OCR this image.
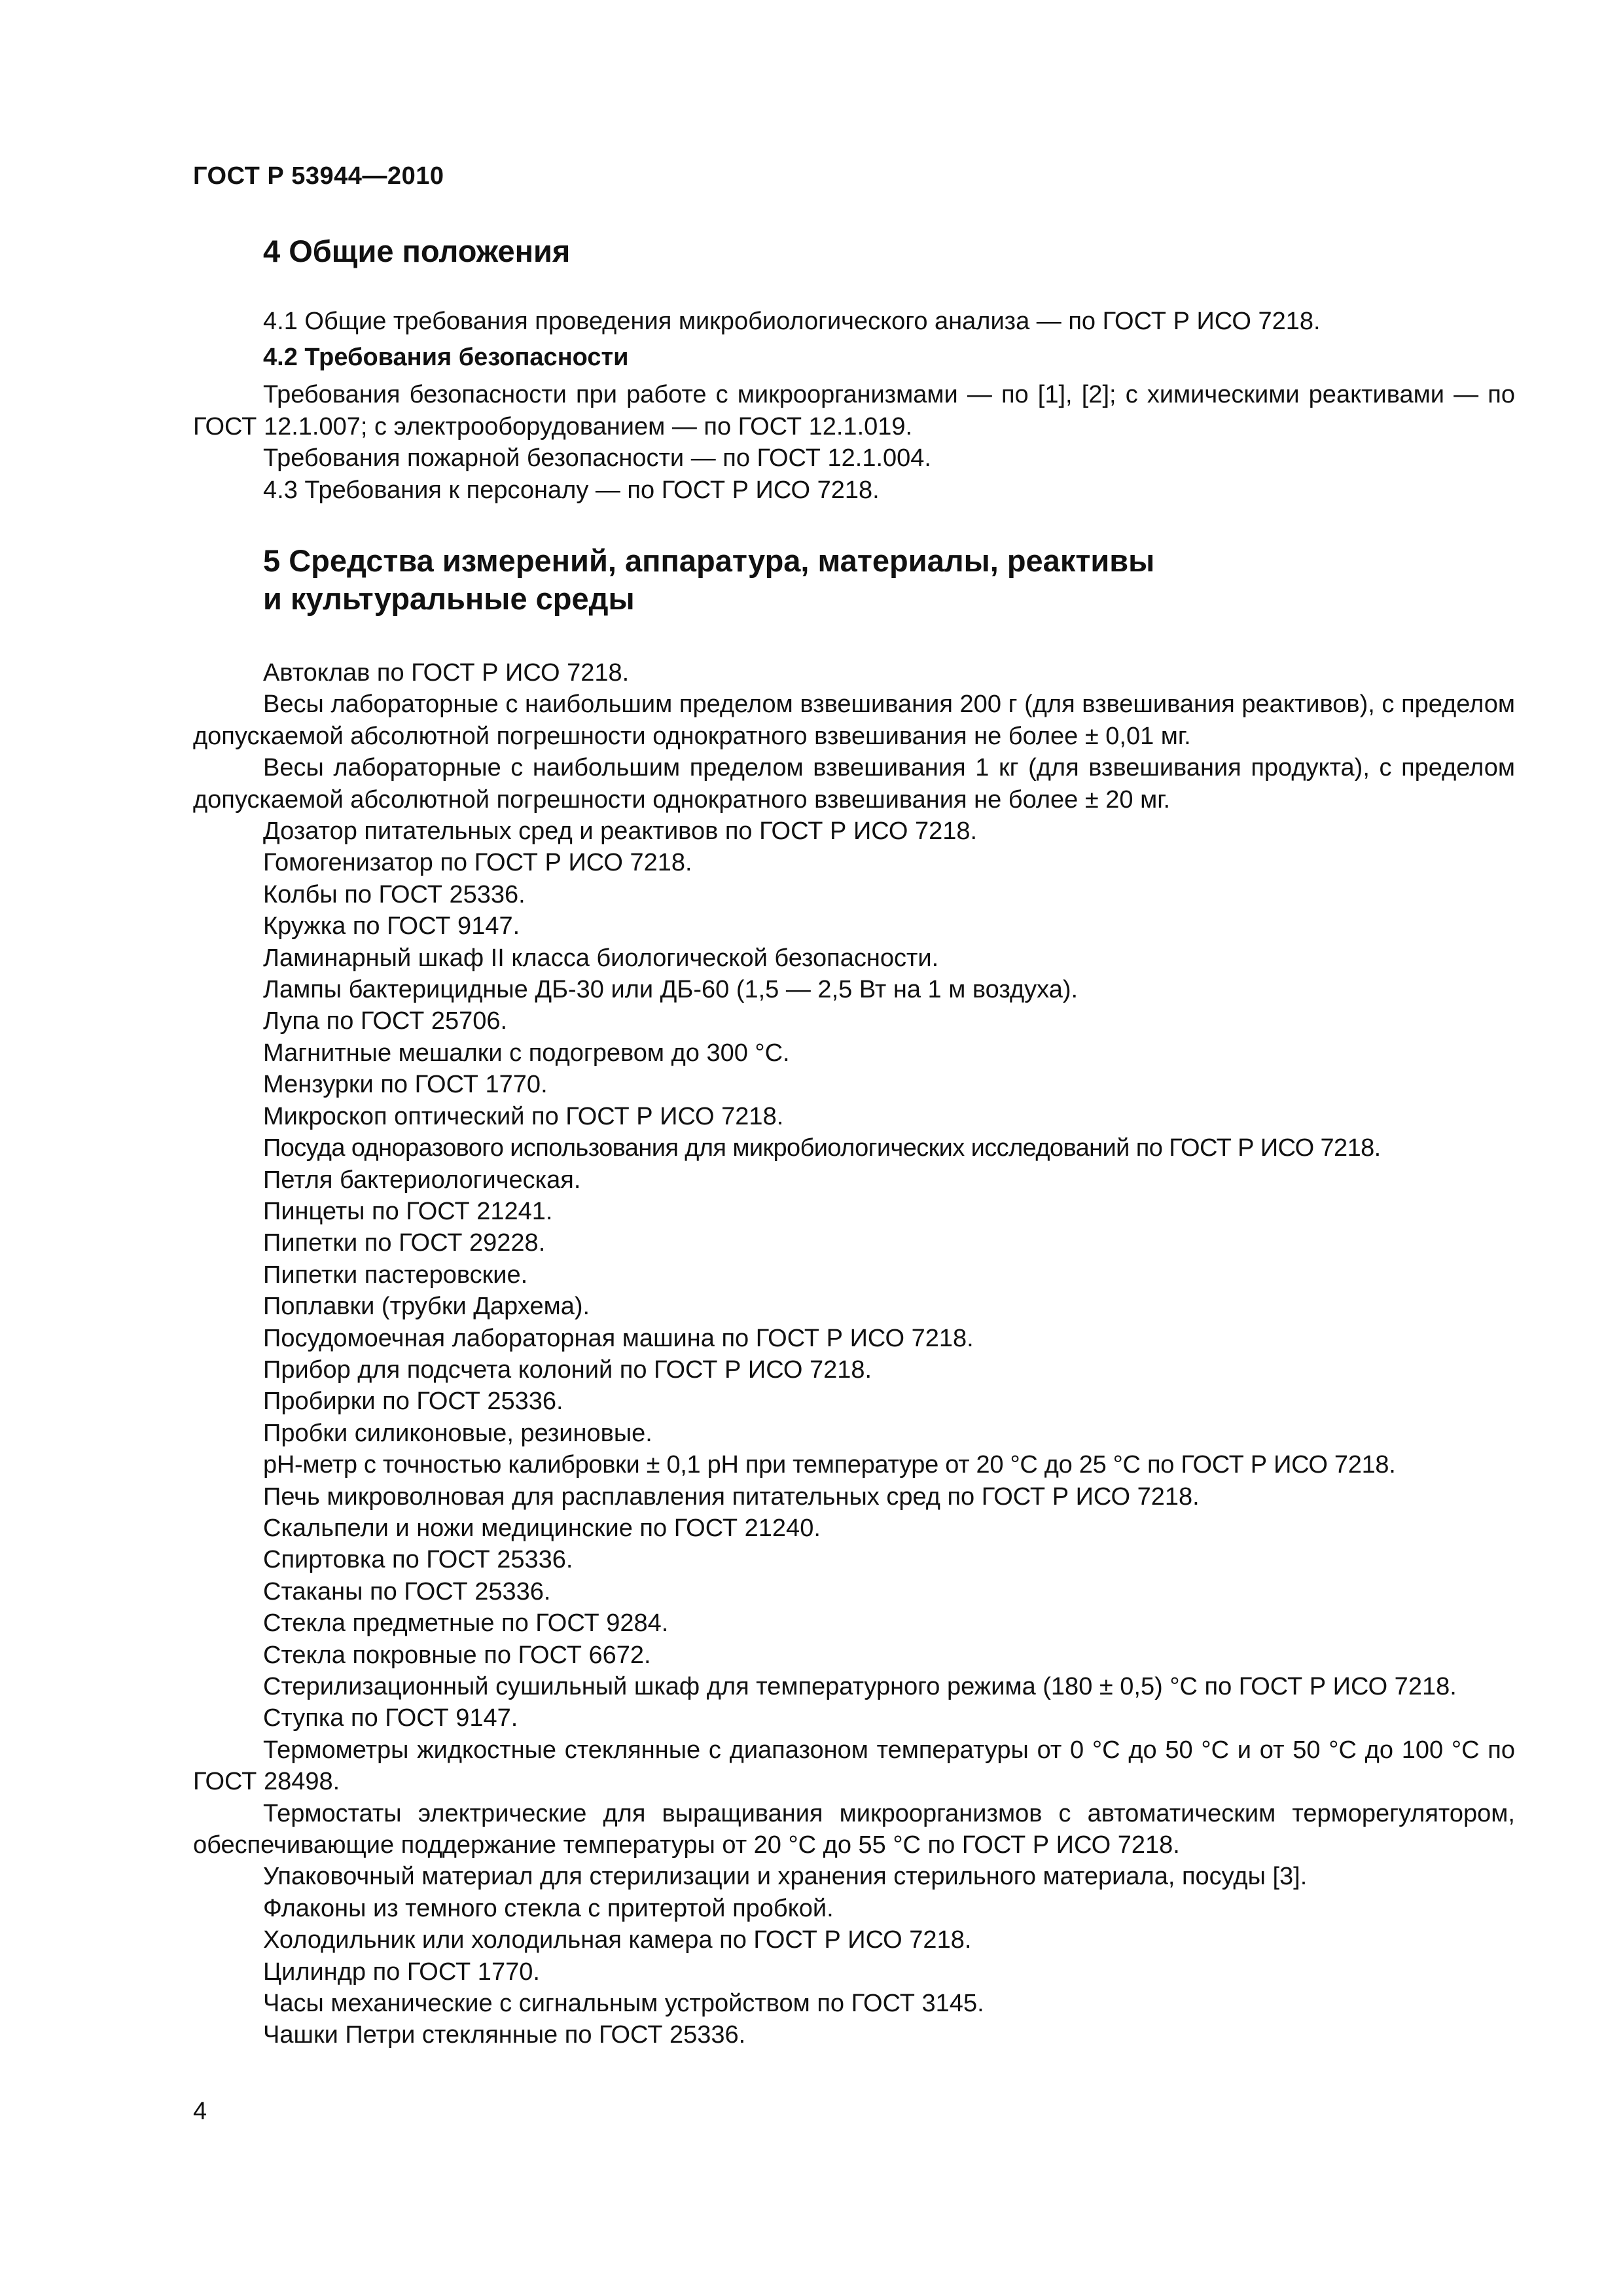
ГОСТ Р 53944—2010
4 Общие положения

4.1 Общие требования проведения микробиологического анализа — по ГОСТ Р ИСО 7218.

4.2 Требования безопасности

Требования безопасности при работе с микроорганизмами — по [1], [2]; с химическими реактивами — по ГОСТ 12.1.007; с электрооборудованием — по ГОСТ 12.1.019.

Требования пожарной безопасности — по ГОСТ 12.1.004.

4.3 Требования к персоналу — по ГОСТ Р ИСО 7218.

5 Средства измерений, аппаратура, материалы, реактивы
и культуральные среды

Автоклав по ГОСТ Р ИСО 7218.

Весы лабораторные с наибольшим пределом взвешивания 200 г (для взвешивания реактивов), с пределом допускаемой абсолютной погрешности однократного взвешивания не более ± 0,01 мг.

Весы лабораторные с наибольшим пределом взвешивания 1 кг (для взвешивания продукта), с пределом допускаемой абсолютной погрешности однократного взвешивания не более ± 20 мг.

Дозатор питательных сред и реактивов по ГОСТ Р ИСО 7218.

Гомогенизатор по ГОСТ Р ИСО 7218.

Колбы по ГОСТ 25336.

Кружка по ГОСТ 9147.

Ламинарный шкаф II класса биологической безопасности.

Лампы бактерицидные ДБ-30 или ДБ-60 (1,5 — 2,5 Вт на 1 м воздуха).

Лупа по ГОСТ 25706.

Магнитные мешалки с подогревом до 300 °С.

Мензурки по ГОСТ 1770.

Микроскоп оптический по ГОСТ Р ИСО 7218.

Посуда одноразового использования для микробиологических исследований по ГОСТ Р ИСО 7218.

Петля бактериологическая.

Пинцеты по ГОСТ 21241.

Пипетки по ГОСТ 29228.

Пипетки пастеровские.

Поплавки (трубки Дархема).

Посудомоечная лабораторная машина по ГОСТ Р ИСО 7218.

Прибор для подсчета колоний по ГОСТ Р ИСО 7218.

Пробирки по ГОСТ 25336.

Пробки силиконовые, резиновые.

pH-метр с точностью калибровки ± 0,1 pH при температуре от 20 °С до 25 °С по ГОСТ Р ИСО 7218.

Печь микроволновая для расплавления питательных сред по ГОСТ Р ИСО 7218.

Скальпели и ножи медицинские по ГОСТ 21240.

Спиртовка по ГОСТ 25336.

Стаканы по ГОСТ 25336.

Стекла предметные по ГОСТ 9284.

Стекла покровные по ГОСТ 6672.

Стерилизационный сушильный шкаф для температурного режима (180 ± 0,5) °С по ГОСТ Р ИСО 7218.

Ступка по ГОСТ 9147.

Термометры жидкостные стеклянные с диапазоном температуры от 0 °С до 50 °С и от 50 °С до 100 °С по ГОСТ 28498.

Термостаты электрические для выращивания микроорганизмов с автоматическим терморегулятором, обеспечивающие поддержание температуры от 20 °С до 55 °С по ГОСТ Р ИСО 7218.

Упаковочный материал для стерилизации и хранения стерильного материала, посуды [3].

Флаконы из темного стекла с притертой пробкой.

Холодильник или холодильная камера по ГОСТ Р ИСО 7218.

Цилиндр по ГОСТ 1770.

Часы механические с сигнальным устройством по ГОСТ 3145.

Чашки Петри стеклянные по ГОСТ 25336.

4
